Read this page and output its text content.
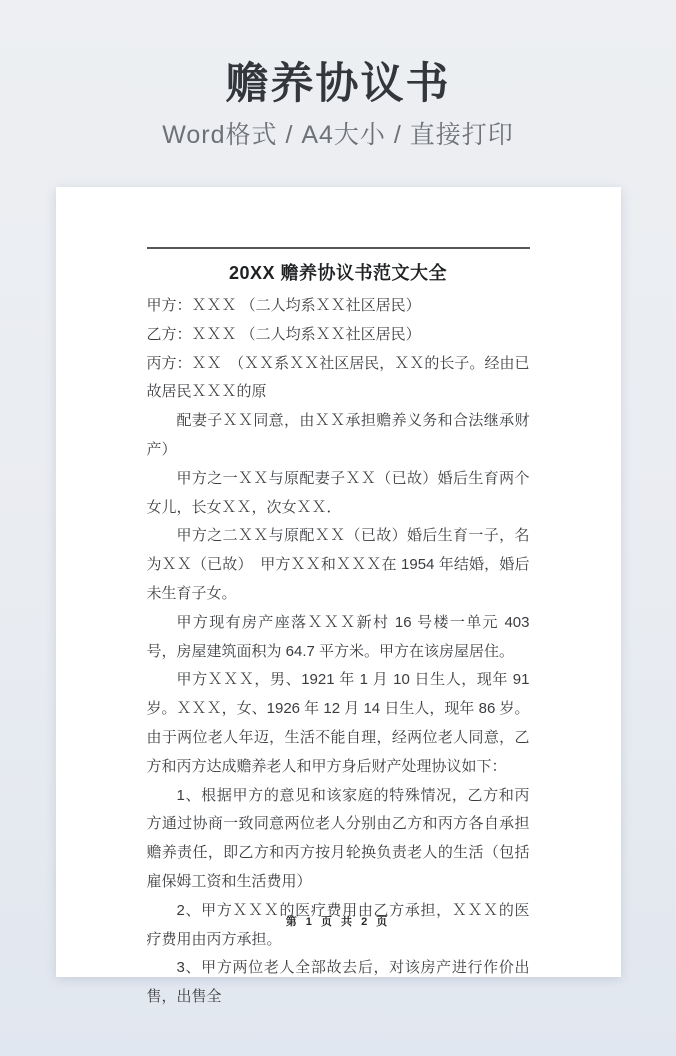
赡养协议书
Word格式 / A4大小 / 直接打印
20XX 赡养协议书范文大全

甲方：ＸＸＸ （二人均系ＸＸ社区居民）

乙方：ＸＸＸ （二人均系ＸＸ社区居民）

丙方：ＸＸ　（ＸＸ系ＸＸ社区居民，ＸＸ的长子。经由已故居民ＸＸＸ的原

配妻子ＸＸ同意，由ＸＸ承担赡养义务和合法继承财产）

甲方之一ＸＸ与原配妻子ＸＸ（已故）婚后生育两个女儿，长女ＸＸ，次女ＸＸ．

甲方之二ＸＸ与原配ＸＸ（已故）婚后生育一子，名为ＸＸ（已故）　甲方ＸＸ和ＸＸＸ在 1954 年结婚，婚后未生育子女。

甲方现有房产座落ＸＸＸ新村 16 号楼一单元 403 号，房屋建筑面积为 64.7 平方米。甲方在该房屋居住。

甲方ＸＸＸ，男、1921 年 1 月 10 日生人，现年 91 岁。ＸＸＸ，女、1926 年 12 月 14 日生人，现年 86 岁。由于两位老人年迈，生活不能自理，经两位老人同意，乙方和丙方达成赡养老人和甲方身后财产处理协议如下：

1、根据甲方的意见和该家庭的特殊情况，乙方和丙方通过协商一致同意两位老人分别由乙方和丙方各自承担赡养责任，即乙方和丙方按月轮换负责老人的生活（包括雇保姆工资和生活费用）

2、甲方ＸＸＸ的医疗费用由乙方承担，ＸＸＸ的医疗费用由丙方承担。

3、甲方两位老人全部故去后，对该房产进行作价出售，出售全

第 1 页 共 2 页
